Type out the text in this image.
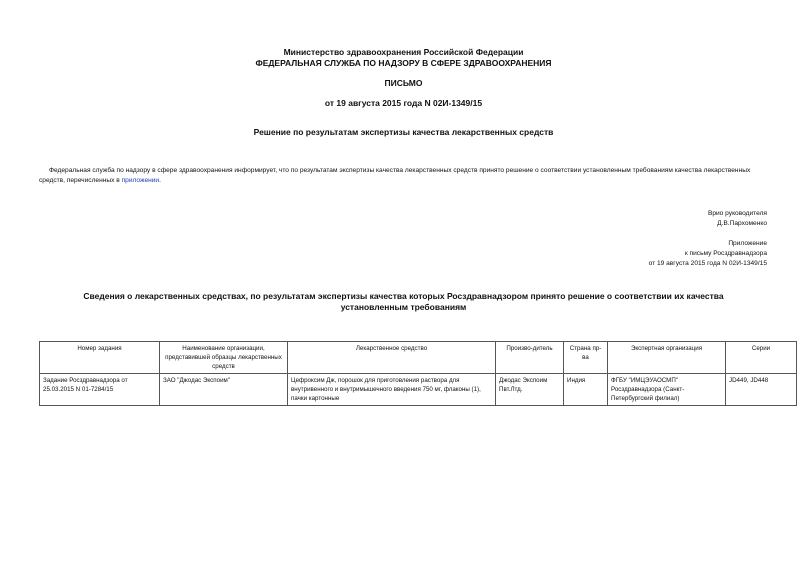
Министерство здравоохранения Российской Федерации
ФЕДЕРАЛЬНАЯ СЛУЖБА ПО НАДЗОРУ В СФЕРЕ ЗДРАВООХРАНЕНИЯ
ПИСЬМО
от 19 августа 2015 года N 02И-1349/15
Решение по результатам экспертизы качества лекарственных средств
Федеральная служба по надзору в сфере здравоохранения информирует, что по результатам экспертизы качества лекарственных средств принято решение о соответствии установленным требованиям качества лекарственных средств, перечисленных в приложении.
Врио руководителя
Д.В.Пархоменко
Приложение
к письму Росздравнадзора
от 19 августа 2015 года N 02И-1349/15
Сведения о лекарственных средствах, по результатам экспертизы качества которых Росздравнадзором принято решение о соответствии их качества установленным требованиям
Номер задания	Наименование организации, представившей образцы лекарственных средств	Лекарственное средство	Произво-дитель	Страна пр-ва	Экспертная организация	Серии
Задание Росздравнадзора от 25.03.2015 N 01-7284/15	ЗАО "Джодас Экспоим"	Цефроксим Дж, порошок для приготовления раствора для внутривенного и внутримышечного введения 750 мг, флаконы (1), пачки картонные	Джодас Экспоим Пвт.Лтд.	Индия	ФГБУ "ИМЦЭУАОСМП" Росздравнадзора (Санкт-Петербургский филиал)	JD449, JD448
